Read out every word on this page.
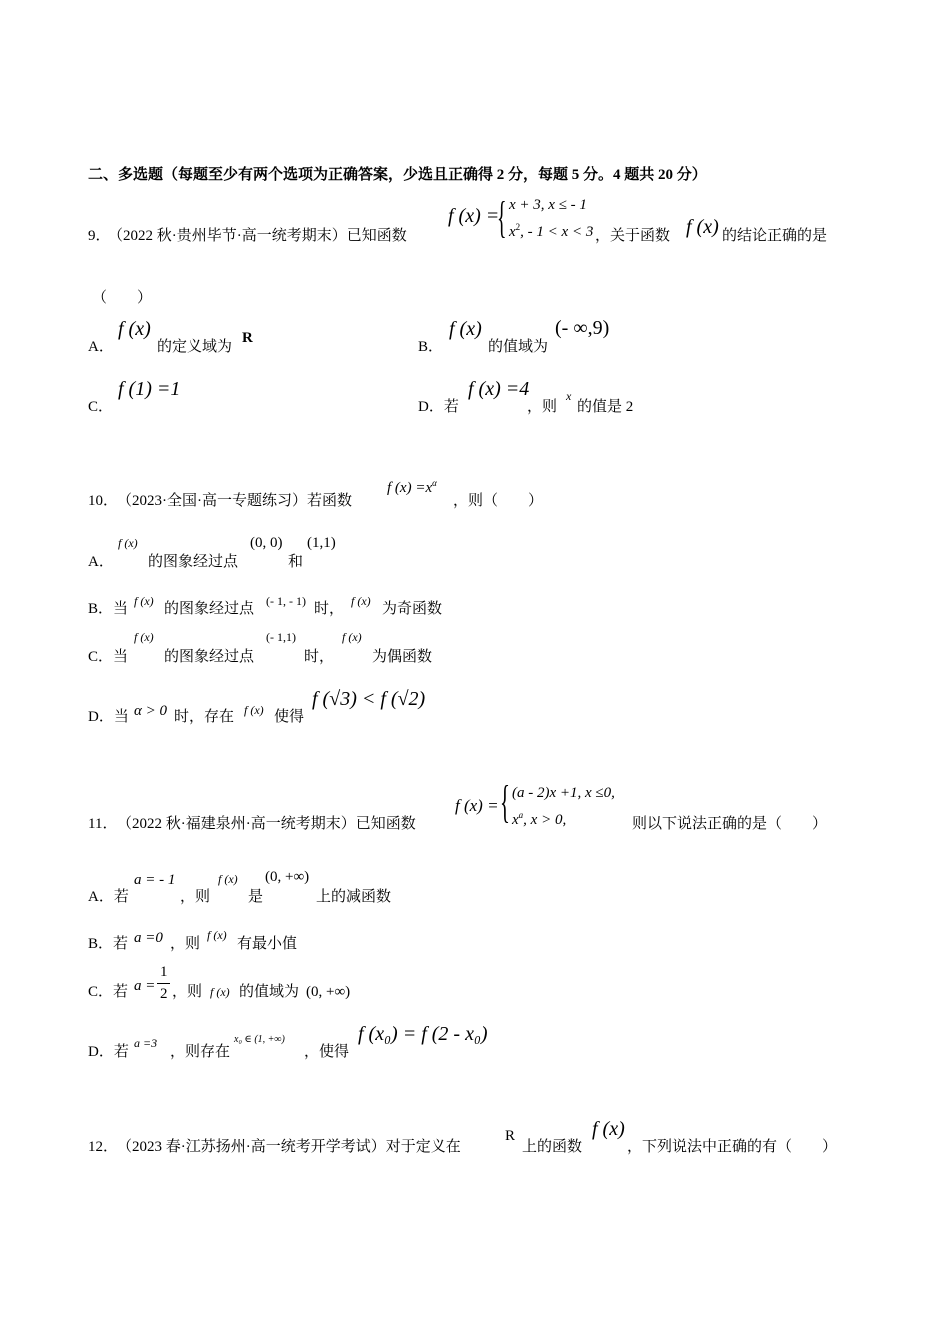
二、多选题（每题至少有两个选项为正确答案，少选且正确得 2 分，每题 5 分。4 题共 20 分）
9．
（2022 秋·贵州毕节·高一统考期末）已知函数
f (x) =
{ x + 3, x ≤ - 1
$x^2$, - 1 < x < 3 ，关于函数 f (x) 的结论正确的是
（　　）
A．
f (x)
的定义域为
R
B．
f (x)
的值域为
(- ∞,9)
C．
f (1) =1
D．若
f (x) =4
，则
x
的值是 2
10．
（2023·全国·高一专题练习）若函数
f $(x) =x^\alpha$
，则（　　）
A．
f (x)
的图象经过点
(0, 0)
和
(1,1)
B．当 f (x) 的图象经过点 (- 1, - 1) 时， f (x) 为奇函数
C．当
f (x)
的图象经过点
(- 1,1)
时，
f (x)
为偶函数
D．当 α > 0 时，存在 f (x) 使得
f (√3) < f (√2)
11． （2022 秋·福建泉州·高一统考期末）已知函数
f (x) = { (a - 2)x +1, x ≤0,
$x^a$, x > 0,	则以下说法正确的是（　　）
A．若
a = - 1
，则
f (x)
是
(0, +∞)
上的减函数
B．若 a =0 ，则
f (x)
有最小值
C．若 a =
1
2 ，则 f (x) 的值域为 (0, +∞)
D．若
a =3
，则存在
x₀ ∈ (1, +∞)
，使得
f (x₀) = f (2 - x₀)
12．
（2023 春·江苏扬州·高一统考开学考试）对于定义在
R
上的函数
f (x)
，下列说法中正确的有（　　）
